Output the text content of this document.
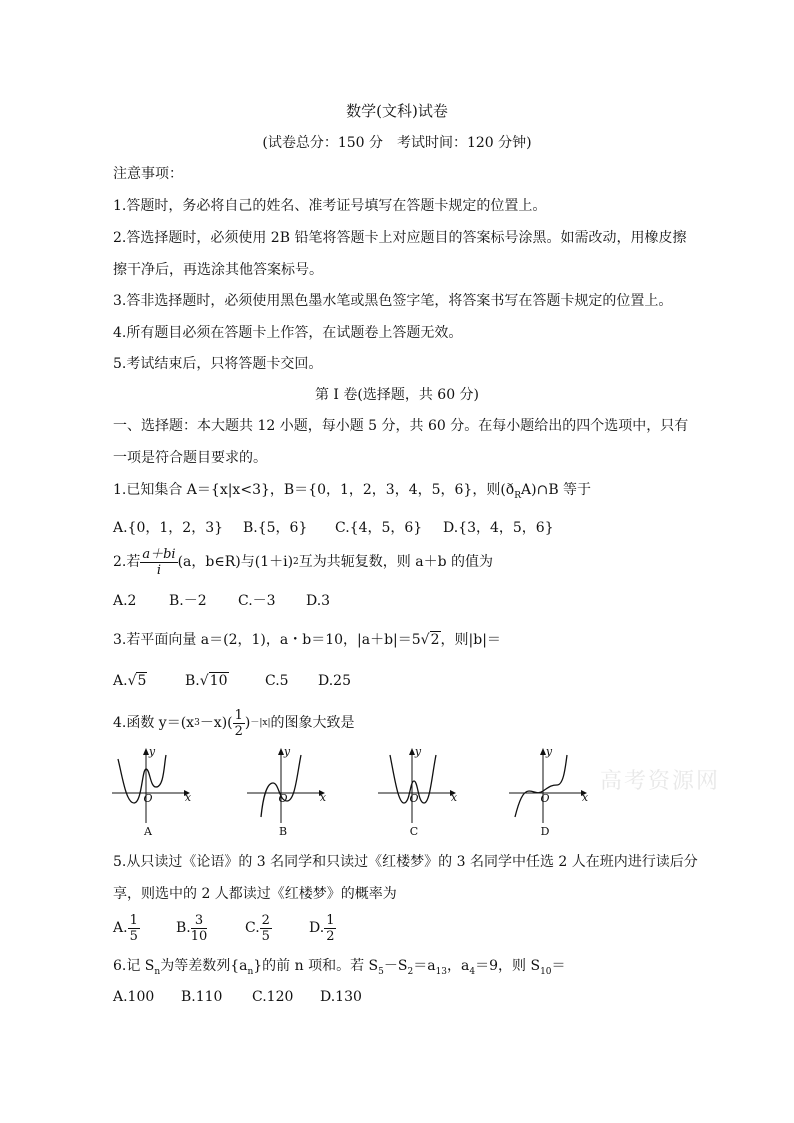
数学(文科)试卷
(试卷总分：150 分　考试时间：120 分钟)
注意事项：
1.答题时，务必将自己的姓名、准考证号填写在答题卡规定的位置上。
2.答选择题时，必须使用 2B 铅笔将答题卡上对应题目的答案标号涂黑。如需改动，用橡皮擦
擦干净后，再选涂其他答案标号。
3.答非选择题时，必须使用黑色墨水笔或黑色签字笔，将答案书写在答题卡规定的位置上。
4.所有题目必须在答题卡上作答，在试题卷上答题无效。
5.考试结束后，只将答题卡交回。
第 I 卷(选择题，共 60 分)
一、选择题：本大题共 12 小题，每小题 5 分，共 60 分。在每小题给出的四个选项中，只有
一项是符合题目要求的。
1.已知集合 A＝{x|x<3}，B＝{0，1，2，3，4，5，6}，则$(ð_RA)\cap B$ 等于
A.{0，1，2，3} B.{5，6} C.{4，5，6} D.{3，4，5，6}
2.若 $\frac{a+bi}{i} (a$，b∈R)与(1＋i) 2 互为共轭复数，则 a＋b 的值为
A.2 B.－2 C.－3 D.3
3.若平面向量 a＝(2，1)，a・b＝10，|a＋b|＝5√2，则|b|＝
A.√5	B.√10	C.5 D.25
4.函数 y＝(x $3 -x)( \frac{1}{2}$ ) －|x| 的图象大致是
y
x
O
A
y
x
O
B
y
x
O
C
y
x
O
D
高考资源网
5.从只读过《论语》的 3 名同学和只读过《红楼梦》的 3 名同学中任选 2 人在班内进行读后分
享，则选中的 2 人都读过《红楼梦》的概率为
A. $\frac{1}{5}$	B. $\frac{3}{10}$	C. $\frac{2}{5}$	D. $\frac{1}{2}$
6.记 $S_n$为等差数列$\{a_n\}$的前 n 项和。若 $S_5-S_2=a_{13}$，$a_4=9$，则 $S_{10}=$
A.100 B.110 C.120 D.130
